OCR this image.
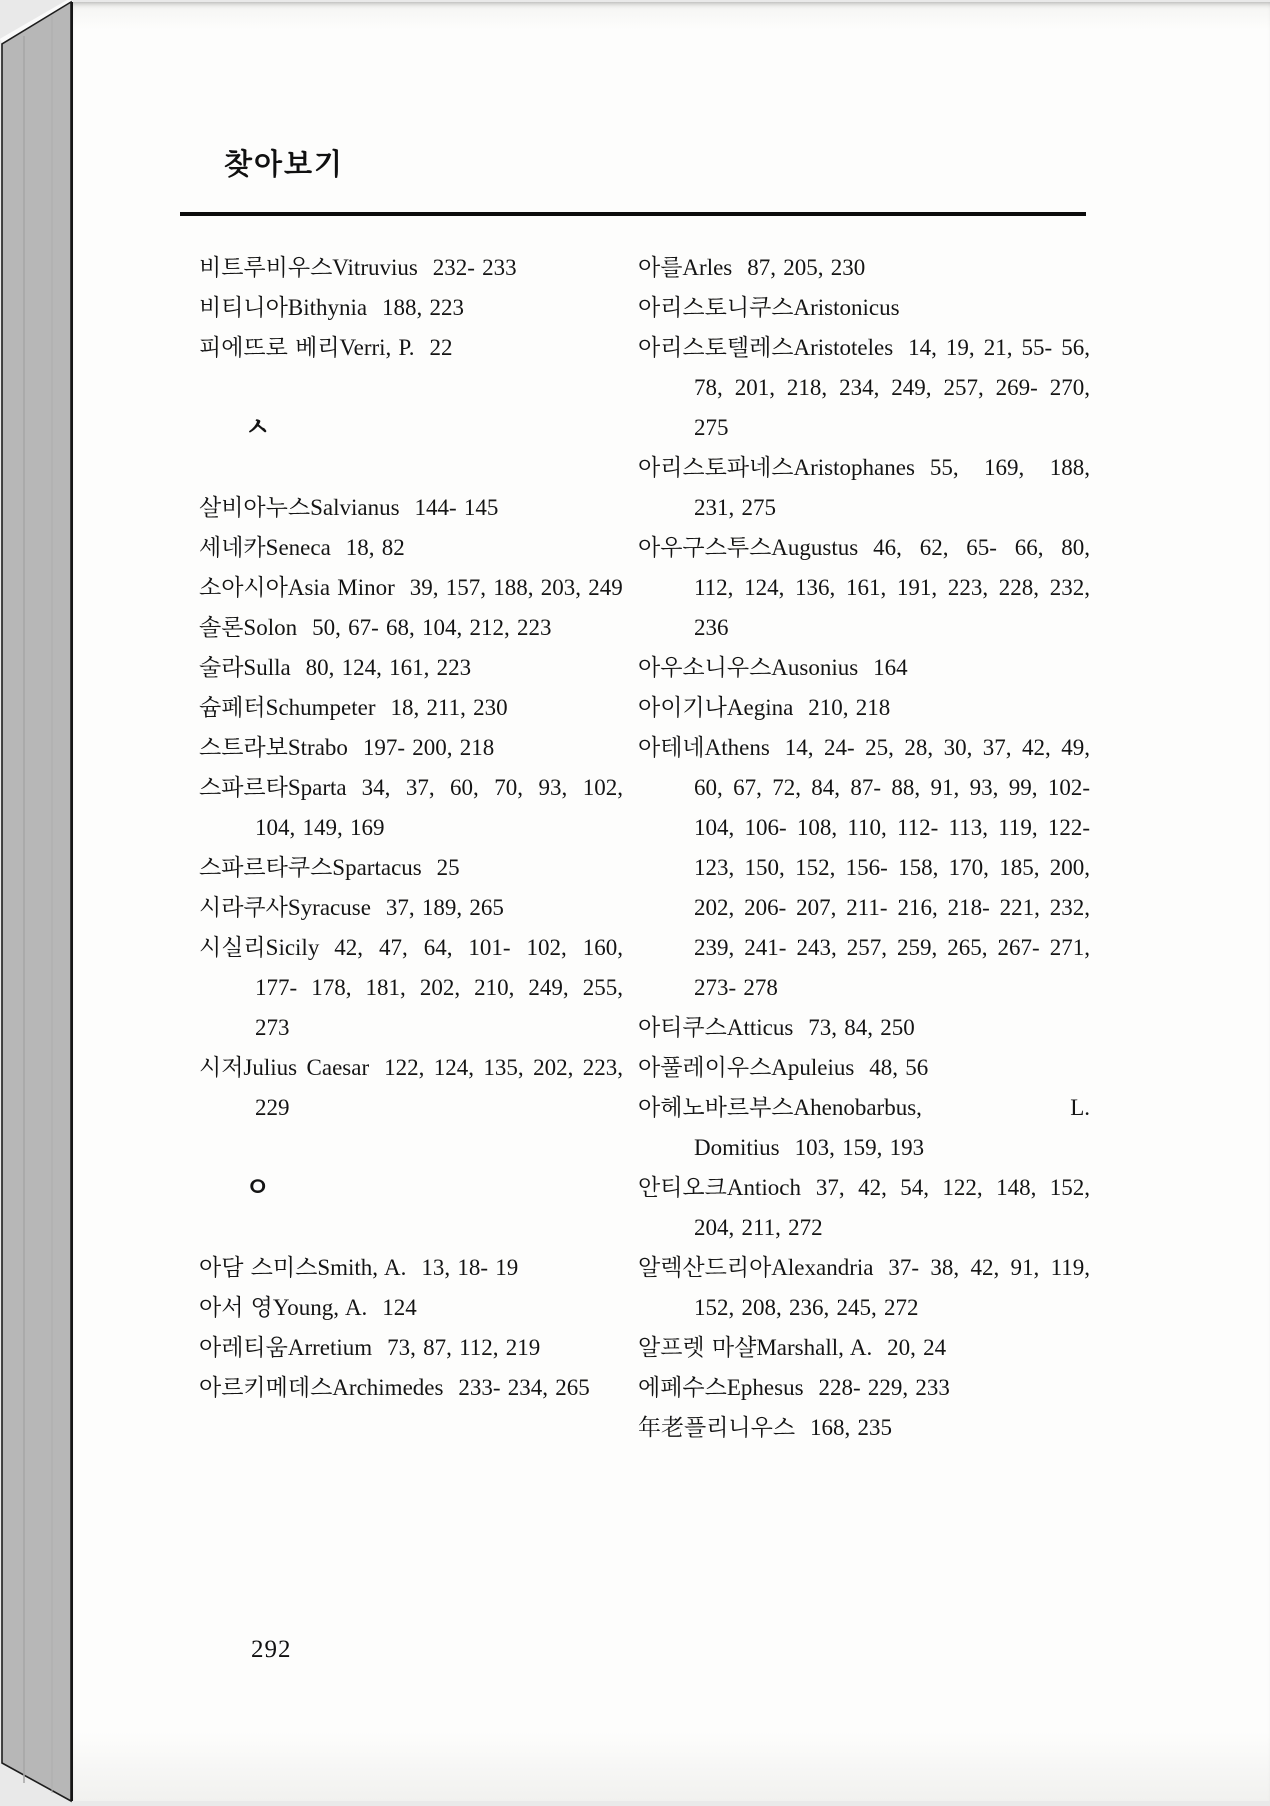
찾아보기

비트루비우스Vitruvius 232- 233

비티니아Bithynia 188, 223

피에뜨로 베리Verri, P. 22

ㅅ

살비아누스Salvianus 144- 145

세네카Seneca 18, 82

소아시아Asia Minor 39, 157, 188, 203, 249

솔론Solon 50, 67- 68, 104, 212, 223

술라Sulla 80, 124, 161, 223

슘페터Schumpeter 18, 211, 230

스트라보Strabo 197- 200, 218

스파르타Sparta 34, 37, 60, 70, 93, 102, 104, 149, 169

스파르타쿠스Spartacus 25

시라쿠사Syracuse 37, 189, 265

시실리Sicily 42, 47, 64, 101- 102, 160, 177- 178, 181, 202, 210, 249, 255, 273

시저Julius Caesar 122, 124, 135, 202, 223, 229

ㅇ

아담 스미스Smith, A. 13, 18- 19

아서 영Young, A. 124

아레티움Arretium 73, 87, 112, 219

아르키메데스Archimedes 233- 234, 265

아를Arles 87, 205, 230

아리스토니쿠스Aristonicus

아리스토텔레스Aristoteles 14, 19, 21, 55- 56, 78, 201, 218, 234, 249, 257, 269- 270, 275

아리스토파네스Aristophanes 55, 169, 188, 231, 275

아우구스투스Augustus 46, 62, 65- 66, 80, 112, 124, 136, 161, 191, 223, 228, 232, 236

아우소니우스Ausonius 164

아이기나Aegina 210, 218

아테네Athens 14, 24- 25, 28, 30, 37, 42, 49, 60, 67, 72, 84, 87- 88, 91, 93, 99, 102- 104, 106- 108, 110, 112- 113, 119, 122- 123, 150, 152, 156- 158, 170, 185, 200, 202, 206- 207, 211- 216, 218- 221, 232, 239, 241- 243, 257, 259, 265, 267- 271, 273- 278

아티쿠스Atticus 73, 84, 250

아풀레이우스Apuleius 48, 56

아헤노바르부스Ahenobarbus, L. Domitius 103, 159, 193

안티오크Antioch 37, 42, 54, 122, 148, 152, 204, 211, 272

알렉산드리아Alexandria 37- 38, 42, 91, 119, 152, 208, 236, 245, 272

알프렛 마샬Marshall, A. 20, 24

에페수스Ephesus 228- 229, 233

年老플리니우스 168, 235

292
